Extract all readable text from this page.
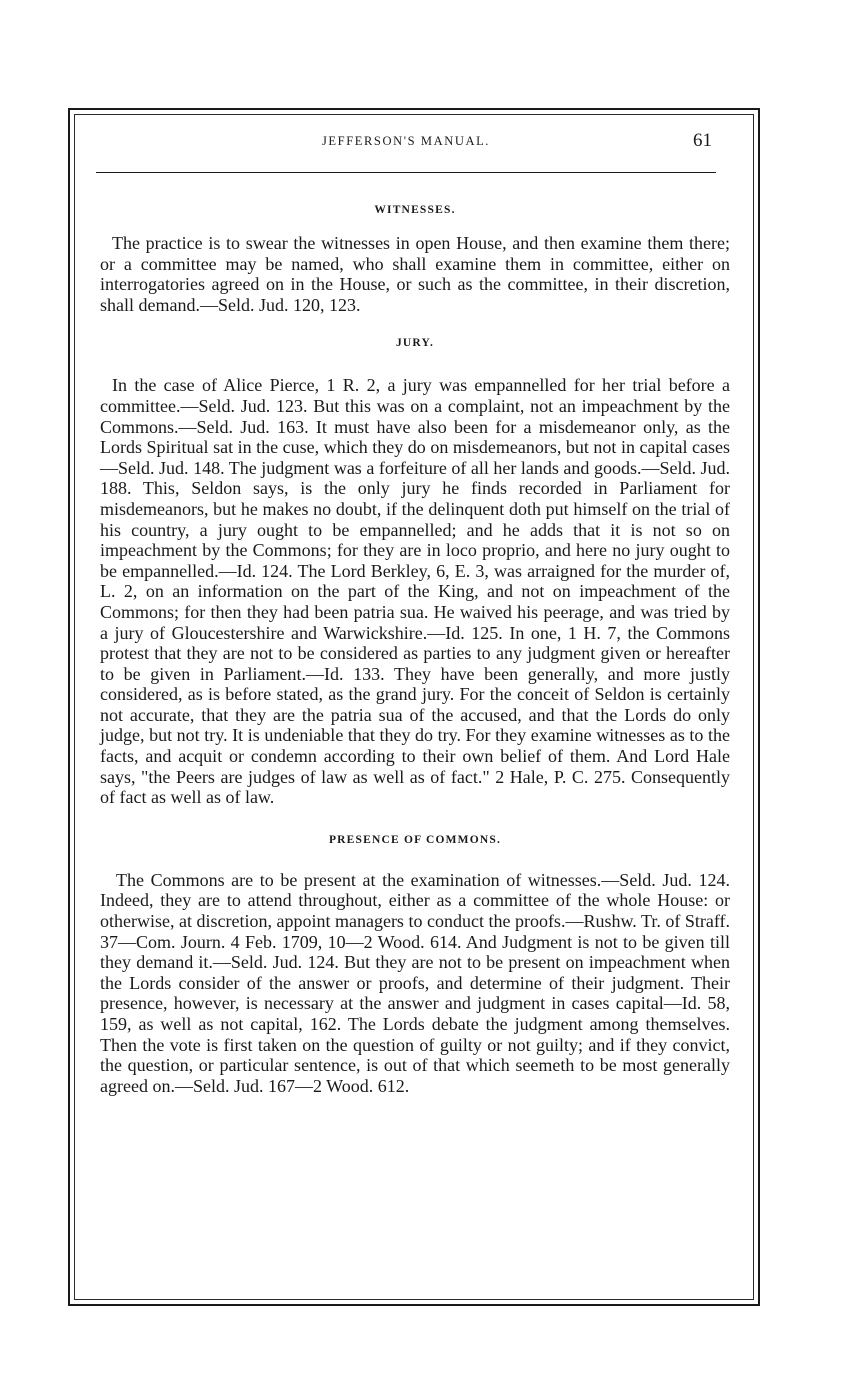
JEFFERSON'S MANUAL.	61
WITNESSES.

The practice is to swear the witnesses in open House, and then examine them there; or a committee may be named, who shall examine them in committee, either on interrogatories agreed on in the House, or such as the committee, in their discretion, shall demand.—Seld. Jud. 120, 123.

JURY.

In the case of Alice Pierce, 1 R. 2, a jury was empannelled for her trial before a committee.—Seld. Jud. 123. But this was on a complaint, not an impeachment by the Commons.—Seld. Jud. 163. It must have also been for a misdemeanor only, as the Lords Spiritual sat in the cuse, which they do on misdemeanors, but not in capital cases—Seld. Jud. 148. The judgment was a forfeiture of all her lands and goods.—Seld. Jud. 188. This, Seldon says, is the only jury he finds recorded in Parliament for misdemeanors, but he makes no doubt, if the delinquent doth put himself on the trial of his country, a jury ought to be empannelled; and he adds that it is not so on impeachment by the Commons; for they are in loco proprio, and here no jury ought to be empannelled.—Id. 124. The Lord Berkley, 6, E. 3, was arraigned for the murder of, L. 2, on an information on the part of the King, and not on impeachment of the Commons; for then they had been patria sua. He waived his peerage, and was tried by a jury of Gloucestershire and Warwickshire.—Id. 125. In one, 1 H. 7, the Commons protest that they are not to be considered as parties to any judgment given or hereafter to be given in Parliament.—Id. 133. They have been generally, and more justly considered, as is before stated, as the grand jury. For the conceit of Seldon is certainly not accurate, that they are the patria sua of the accused, and that the Lords do only judge, but not try. It is undeniable that they do try. For they examine witnesses as to the facts, and acquit or condemn according to their own belief of them. And Lord Hale says, "the Peers are judges of law as well as of fact." 2 Hale, P. C. 275. Consequently of fact as well as of law.

PRESENCE OF COMMONS.

The Commons are to be present at the examination of witnesses.—Seld. Jud. 124. Indeed, they are to attend throughout, either as a committee of the whole House: or otherwise, at discretion, appoint managers to conduct the proofs.—Rushw. Tr. of Straff. 37—Com. Journ. 4 Feb. 1709, 10—2 Wood. 614. And Judgment is not to be given till they demand it.—Seld. Jud. 124. But they are not to be present on impeachment when the Lords consider of the answer or proofs, and determine of their judgment. Their presence, however, is necessary at the answer and judgment in cases capital—Id. 58, 159, as well as not capital, 162. The Lords debate the judgment among themselves. Then the vote is first taken on the question of guilty or not guilty; and if they convict, the question, or particular sentence, is out of that which seemeth to be most generally agreed on.—Seld. Jud. 167—2 Wood. 612.
